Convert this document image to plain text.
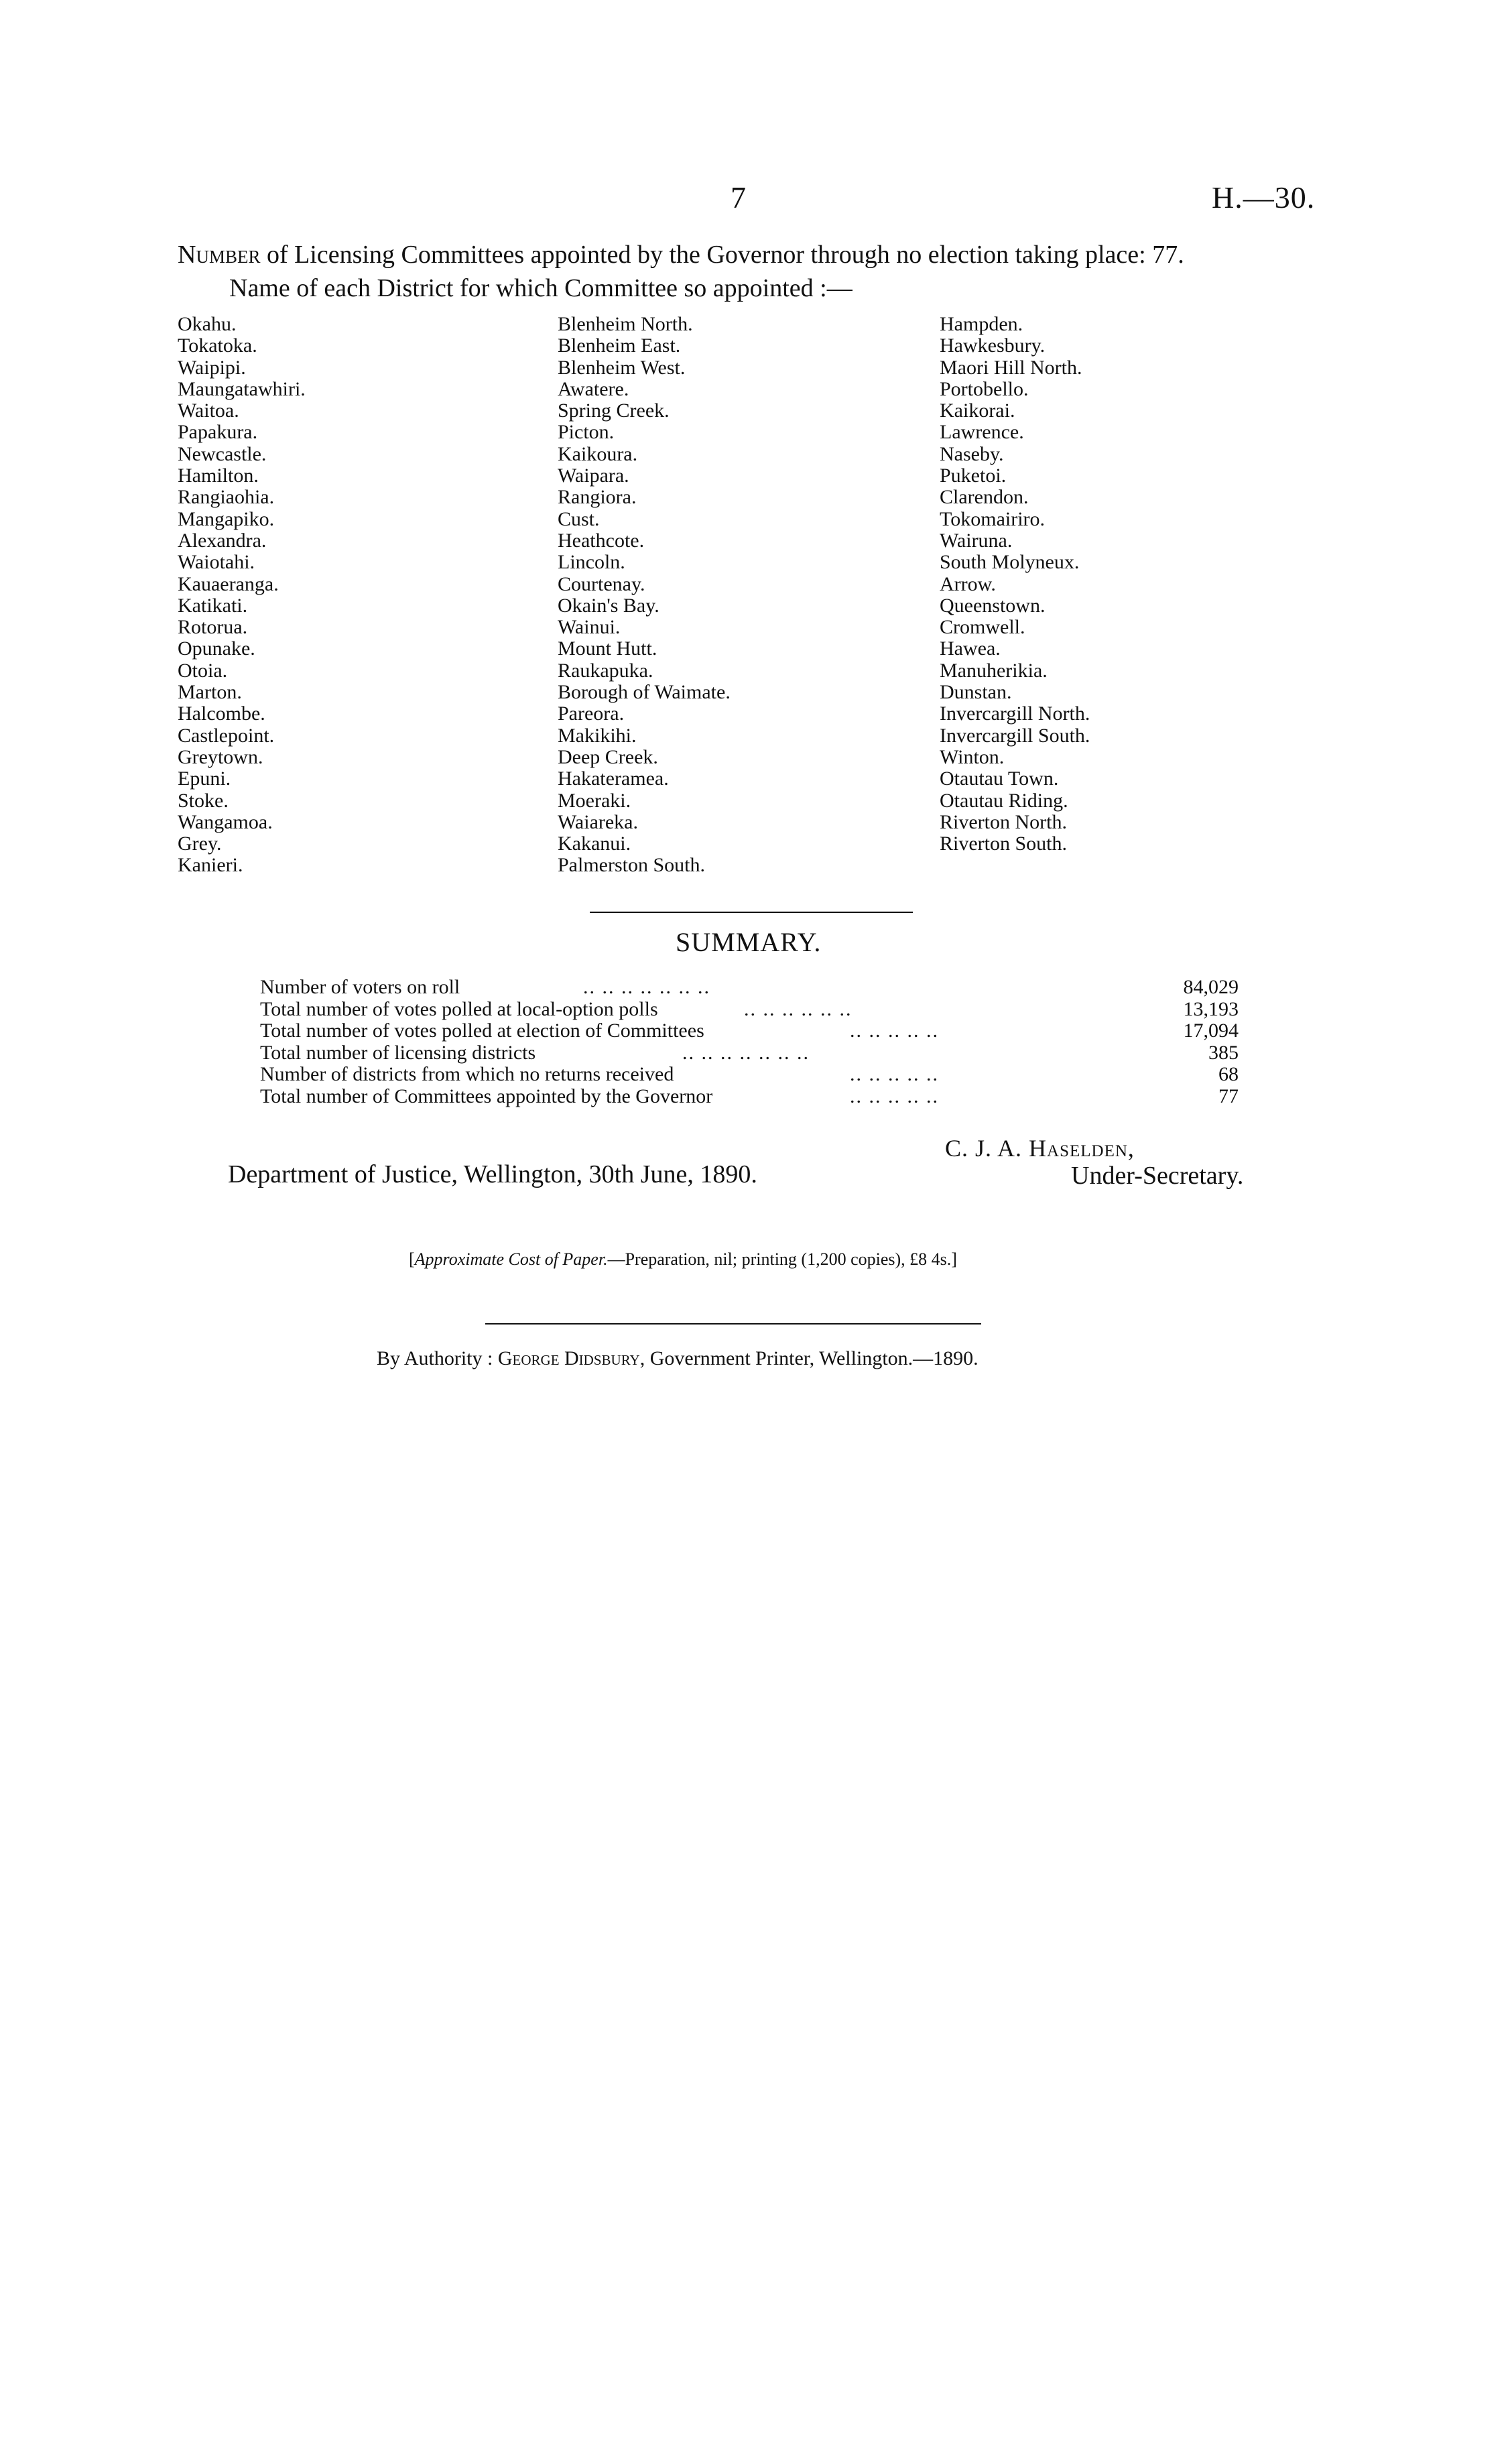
7	H.—30.
Number of Licensing Committees appointed by the Governor through no election taking place: 77.
Name of each District for which Committee so appointed :—
Okahu.
Tokatoka.
Waipipi.
Maungatawhiri.
Waitoa.
Papakura.
Newcastle.
Hamilton.
Rangiaohia.
Mangapiko.
Alexandra.
Waiotahi.
Kauaeranga.
Katikati.
Rotorua.
Opunake.
Otoia.
Marton.
Halcombe.
Castlepoint.
Greytown.
Epuni.
Stoke.
Wangamoa.
Grey.
Kanieri.
Blenheim North.
Blenheim East.
Blenheim West.
Awatere.
Spring Creek.
Picton.
Kaikoura.
Waipara.
Rangiora.
Cust.
Heathcote.
Lincoln.
Courtenay.
Okain's Bay.
Wainui.
Mount Hutt.
Raukapuka.
Borough of Waimate.
Pareora.
Makikihi.
Deep Creek.
Hakateramea.
Moeraki.
Waiareka.
Kakanui.
Palmerston South.
Hampden.
Hawkesbury.
Maori Hill North.
Portobello.
Kaikorai.
Lawrence.
Naseby.
Puketoi.
Clarendon.
Tokomairiro.
Wairuna.
South Molyneux.
Arrow.
Queenstown.
Cromwell.
Hawea.
Manuherikia.
Dunstan.
Invercargill North.
Invercargill South.
Winton.
Otautau Town.
Otautau Riding.
Riverton North.
Riverton South.
SUMMARY.
Number of voters on roll	.. .. .. .. .. .. ..	84,029
Total number of votes polled at local-option polls	.. .. .. .. .. ..	13,193
Total number of votes polled at election of Committees	.. .. .. .. ..	17,094
Total number of licensing districts	.. .. .. .. .. .. ..	385
Number of districts from which no returns received	.. .. .. .. ..	68
Total number of Committees appointed by the Governor	.. .. .. .. ..	77
Department of Justice, Wellington, 30th June, 1890.
C. J. A. Haselden,
Under-Secretary.
[Approximate Cost of Paper.—Preparation, nil; printing (1,200 copies), £8 4s.]
By Authority : George Didsbury, Government Printer, Wellington.—1890.
